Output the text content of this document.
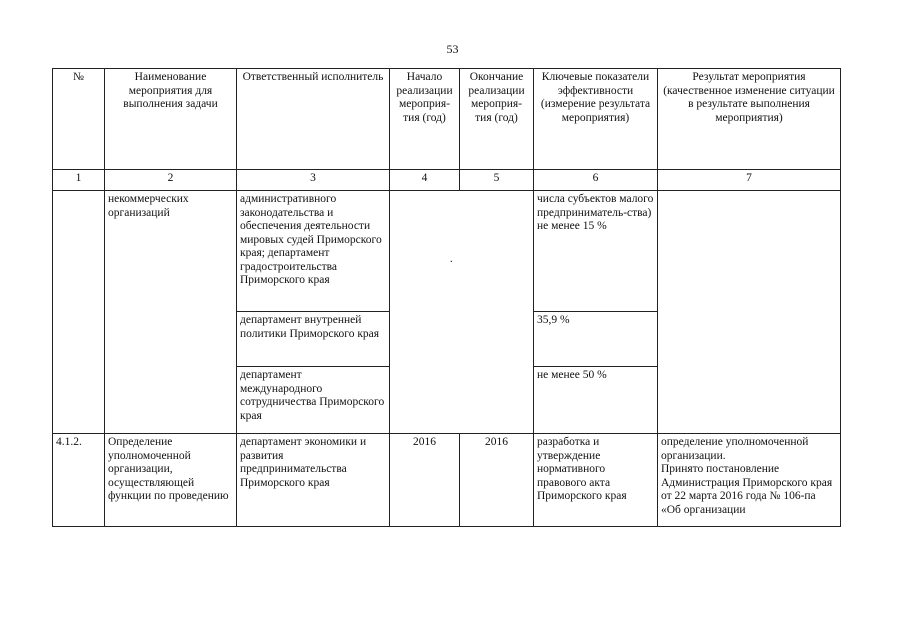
53
№	Наименование мероприятия для выполнения задачи	Ответственный исполнитель	Начало реализации мероприя-тия (год)	Окончание реализации мероприя-тия (год)	Ключевые показатели эффективности (измерение результата мероприятия)	Результат мероприятия (качественное изменение ситуации в результате выполнения мероприятия)
1	2	3	4	5	6	7
	некоммерческих организаций	административного законодательства и обеспечения деятельности мировых судей Приморского края; департамент градостроительства Приморского края		.	числа субъектов малого предприниматель-ства) не менее 15 %	
		департамент внутренней политики Приморского края			35,9 %	
		департамент международного сотрудничества Приморского края			не менее 50 %	
4.1.2.	Определение уполномоченной организации, осуществляющей функции по проведению	департамент экономики и развития предпринимательства Приморского края	2016	2016	разработка и утверждение нормативного правового акта Приморского края	определение уполномоченной организации.
Принято постановление Администрация Приморского края от 22 марта 2016 года № 106-па «Об организации
